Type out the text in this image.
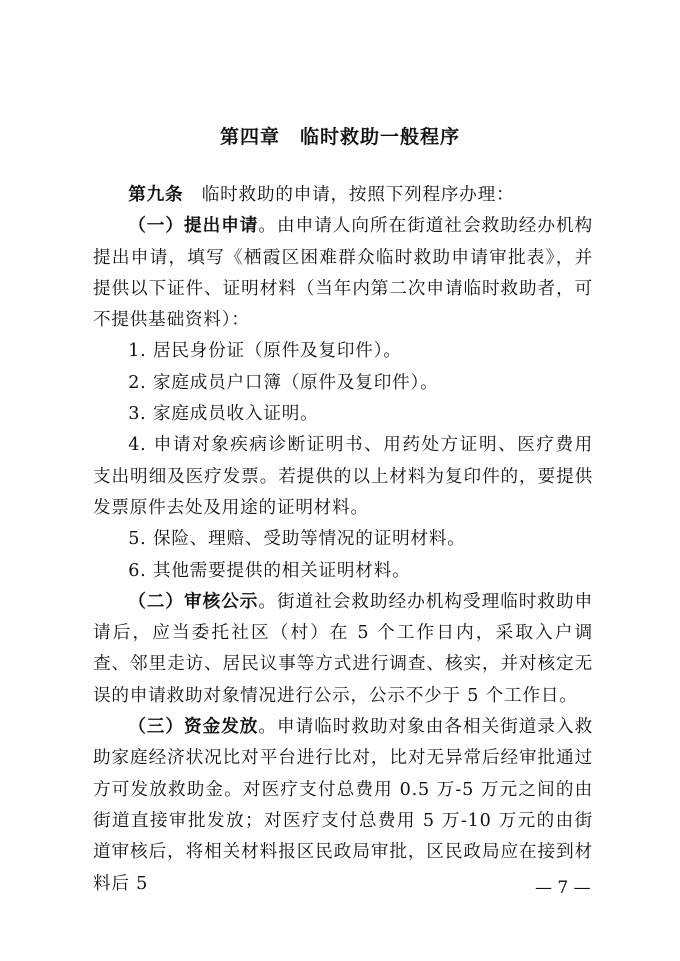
第四章　临时救助一般程序

第九条　临时救助的申请，按照下列程序办理：

（一）提出申请。由申请人向所在街道社会救助经办机构提出申请，填写《栖霞区困难群众临时救助申请审批表》，并提供以下证件、证明材料（当年内第二次申请临时救助者，可不提供基础资料）：

1. 居民身份证（原件及复印件）。

2. 家庭成员户口簿（原件及复印件）。

3. 家庭成员收入证明。

4. 申请对象疾病诊断证明书、用药处方证明、医疗费用支出明细及医疗发票。若提供的以上材料为复印件的，要提供发票原件去处及用途的证明材料。

5. 保险、理赔、受助等情况的证明材料。

6. 其他需要提供的相关证明材料。

（二）审核公示。街道社会救助经办机构受理临时救助申请后，应当委托社区（村）在 5 个工作日内，采取入户调查、邻里走访、居民议事等方式进行调查、核实，并对核定无误的申请救助对象情况进行公示，公示不少于 5 个工作日。

（三）资金发放。申请临时救助对象由各相关街道录入救助家庭经济状况比对平台进行比对，比对无异常后经审批通过方可发放救助金。对医疗支付总费用 0.5 万-5 万元之间的由街道直接审批发放；对医疗支付总费用 5 万-10 万元的由街道审核后，将相关材料报区民政局审批，区民政局应在接到材料后 5	— 7 —
